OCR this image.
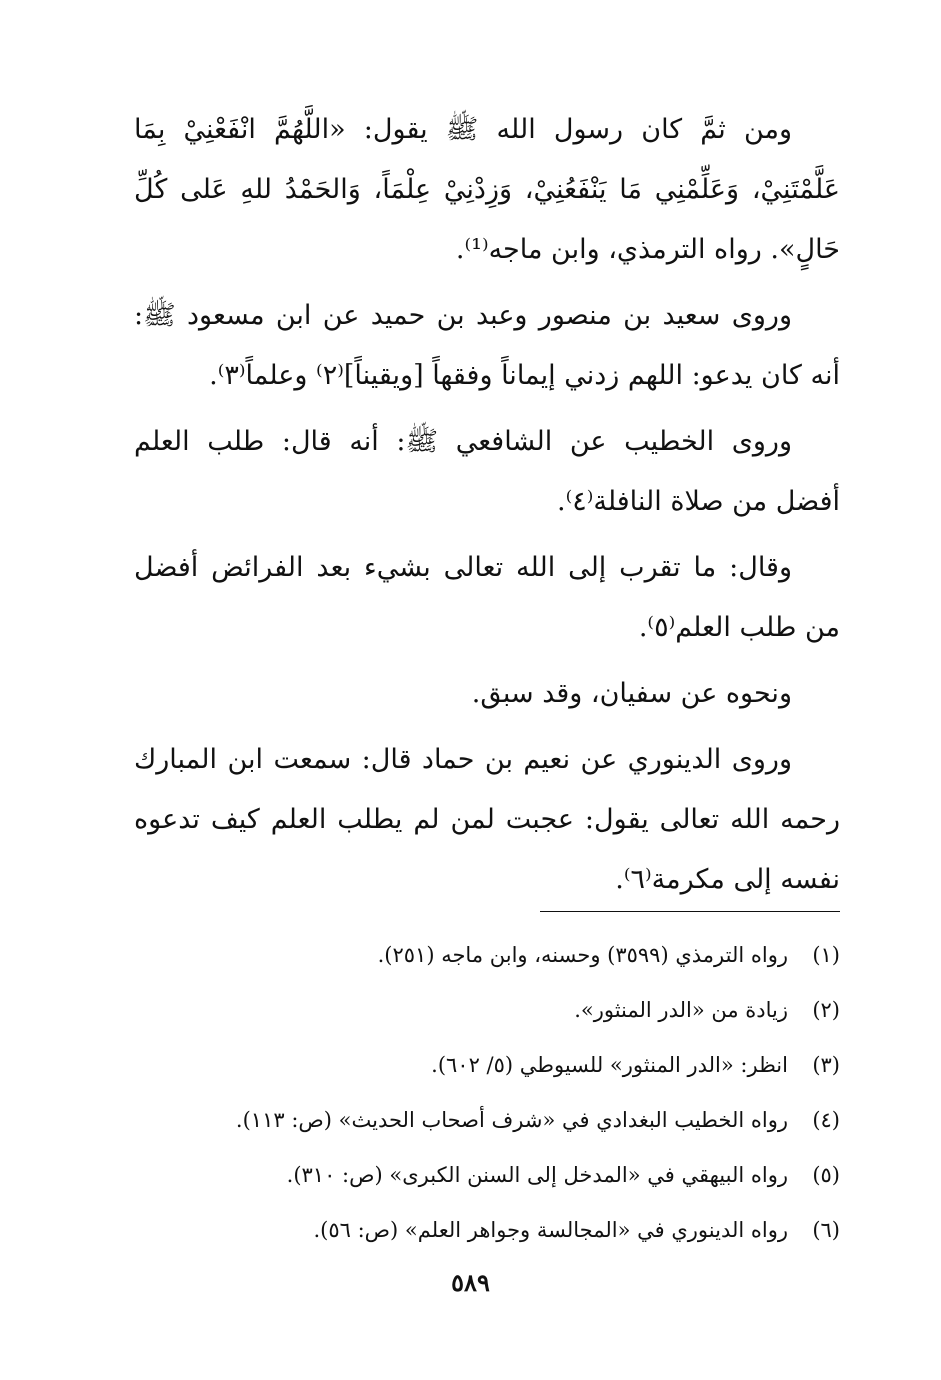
ومن ثمَّ كان رسول الله ﷺ يقول: «اللَّهُمَّ انْفَعْنِيْ بِمَا عَلَّمْتَنِيْ، وَعَلِّمْنِي مَا يَنْفَعُنِيْ، وَزِدْنِيْ عِلْمَاً، وَالحَمْدُ للهِ عَلى كُلِّ حَالٍ». رواه الترمذي، وابن ماجه⁽¹⁾.

وروى سعيد بن منصور وعبد بن حميد عن ابن مسعود ﷺ: أنه كان يدعو: اللهم زدني إيماناً وفقهاً [ويقيناً]⁽٢⁾ وعلماً⁽٣⁾.

وروى الخطيب عن الشافعي ﷺ: أنه قال: طلب العلم أفضل من صلاة النافلة⁽٤⁾.

وقال: ما تقرب إلى الله تعالى بشيء بعد الفرائض أفضل من طلب العلم⁽٥⁾.

ونحوه عن سفيان، وقد سبق.

وروى الدينوري عن نعيم بن حماد قال: سمعت ابن المبارك رحمه الله تعالى يقول: عجبت لمن لم يطلب العلم كيف تدعوه نفسه إلى مكرمة⁽٦⁾.

(١)رواه الترمذي (٣٥٩٩) وحسنه، وابن ماجه (٢٥١).
(٢)زيادة من «الدر المنثور».
(٣)انظر: «الدر المنثور» للسيوطي (٥/ ٦٠٢).
(٤)رواه الخطيب البغدادي في «شرف أصحاب الحديث» (ص: ١١٣).
(٥)رواه البيهقي في «المدخل إلى السنن الكبرى» (ص: ٣١٠).
(٦)رواه الدينوري في «المجالسة وجواهر العلم» (ص: ٥٦).
٥٨٩
